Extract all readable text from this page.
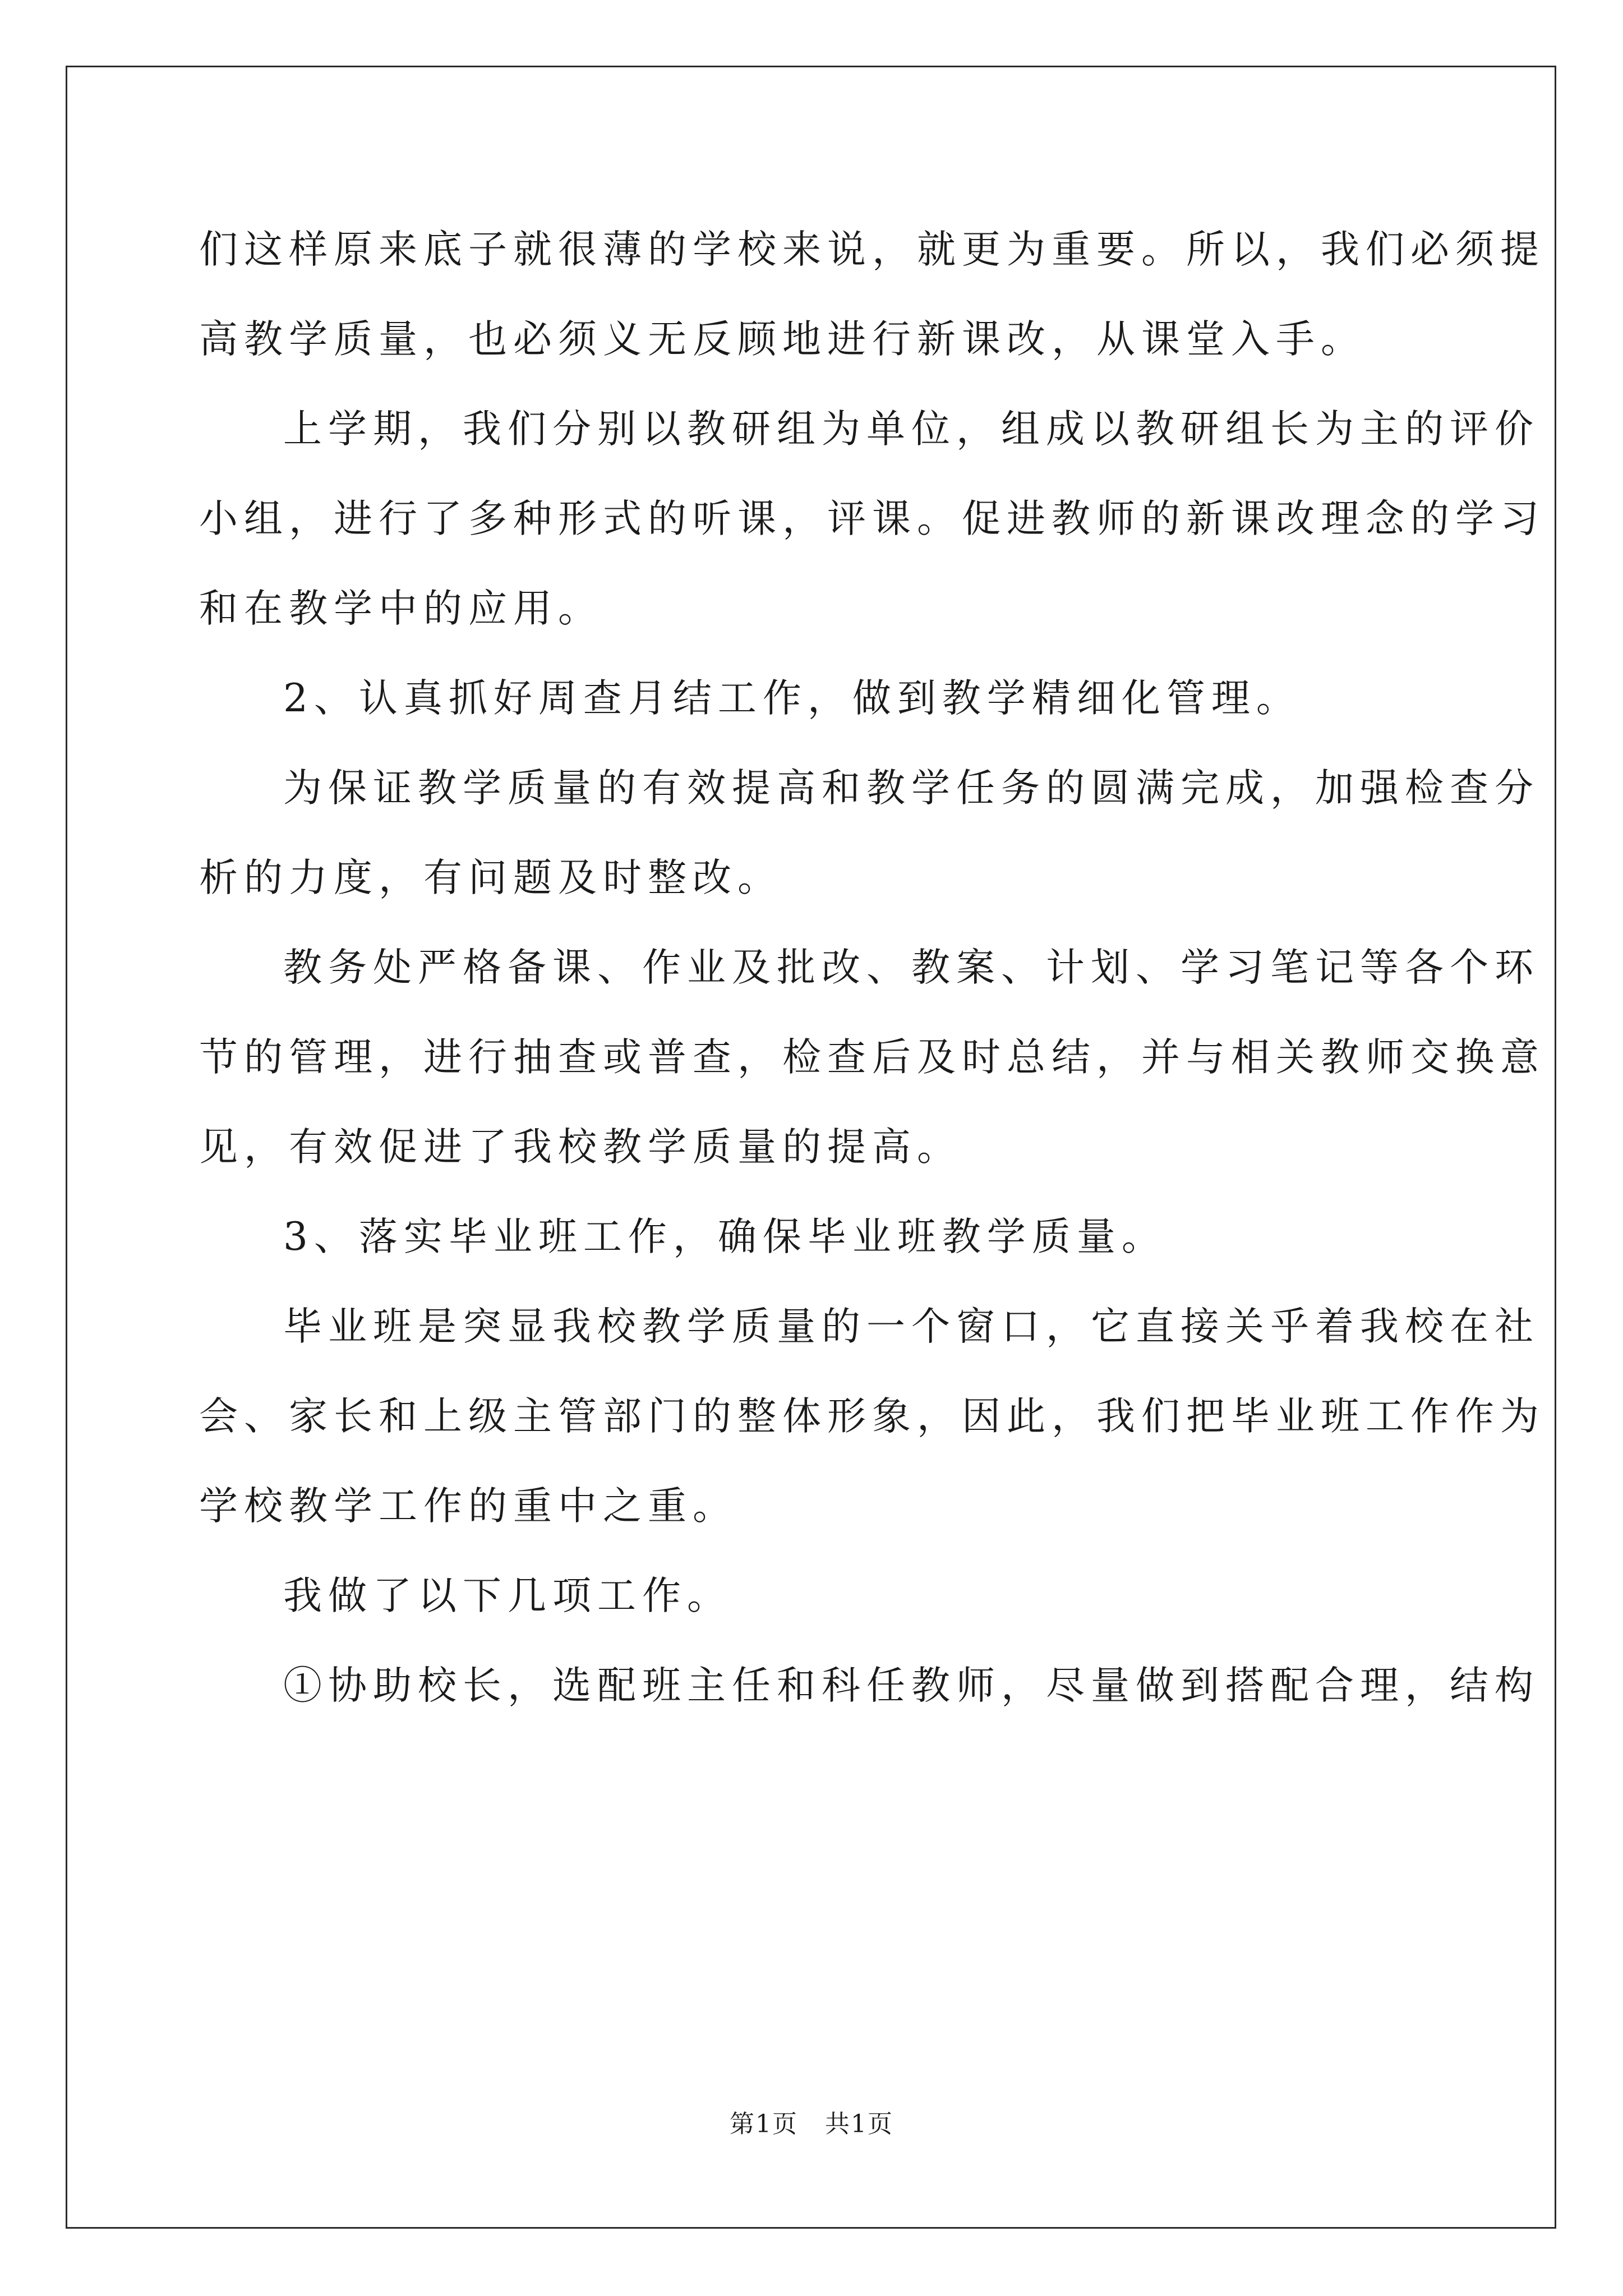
们这样原来底子就很薄的学校来说，就更为重要。所以，我们必须提

高教学质量，也必须义无反顾地进行新课改，从课堂入手。

上学期，我们分别以教研组为单位，组成以教研组长为主的评价

小组，进行了多种形式的听课，评课。促进教师的新课改理念的学习

和在教学中的应用。

2、认真抓好周查月结工作，做到教学精细化管理。

为保证教学质量的有效提高和教学任务的圆满完成，加强检查分

析的力度，有问题及时整改。

教务处严格备课、作业及批改、教案、计划、学习笔记等各个环

节的管理，进行抽查或普查，检查后及时总结，并与相关教师交换意

见，有效促进了我校教学质量的提高。

3、落实毕业班工作，确保毕业班教学质量。

毕业班是突显我校教学质量的一个窗口，它直接关乎着我校在社

会、家长和上级主管部门的整体形象，因此，我们把毕业班工作作为

学校教学工作的重中之重。

我做了以下几项工作。

①协助校长，选配班主任和科任教师，尽量做到搭配合理，结构

第1页   共1页
